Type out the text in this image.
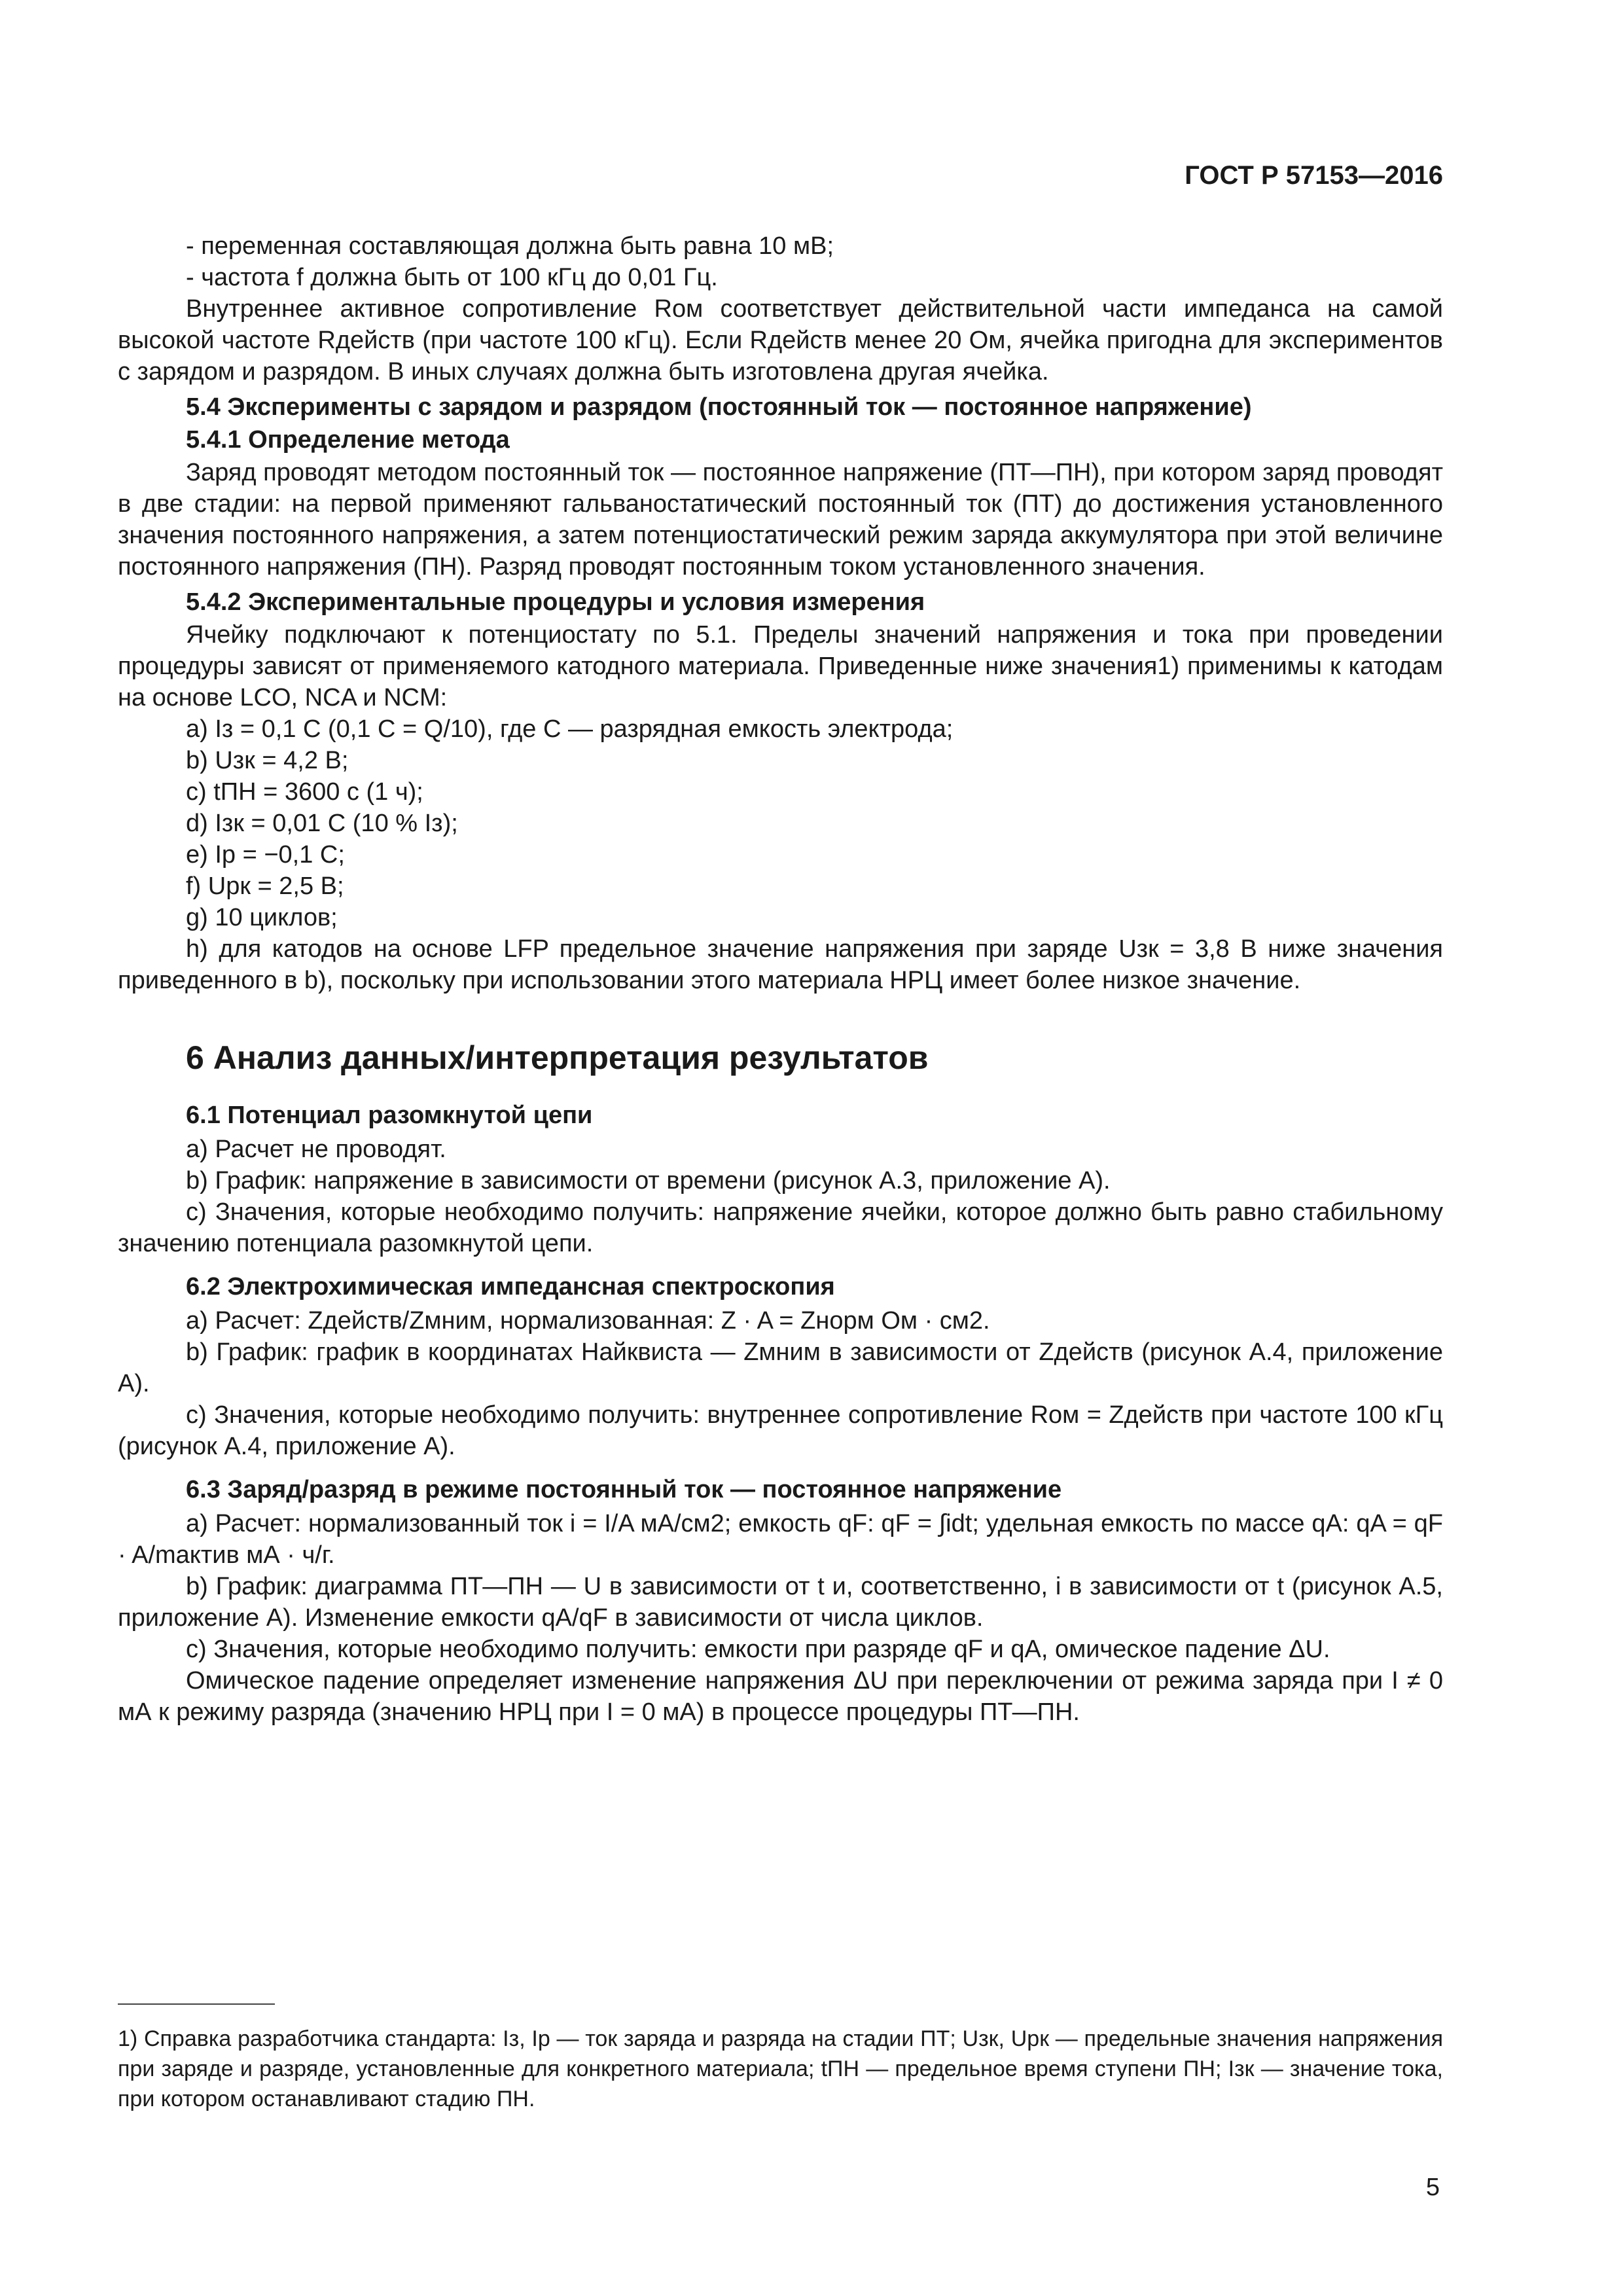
ГОСТ Р 57153—2016

- переменная составляющая должна быть равна 10 мВ;

- частота f должна быть от 100 кГц до 0,01 Гц.

Внутреннее активное сопротивление Rом соответствует действительной части импеданса на самой высокой частоте Rдейств (при частоте 100 кГц). Если Rдейств менее 20 Ом, ячейка пригодна для экспериментов с зарядом и разрядом. В иных случаях должна быть изготовлена другая ячейка.

5.4 Эксперименты с зарядом и разрядом (постоянный ток — постоянное напряжение)

5.4.1 Определение метода

Заряд проводят методом постоянный ток — постоянное напряжение (ПТ—ПН), при котором заряд проводят в две стадии: на первой применяют гальваностатический постоянный ток (ПТ) до достижения установленного значения постоянного напряжения, а затем потенциостатический режим заряда аккумулятора при этой величине постоянного напряжения (ПН). Разряд проводят постоянным током установленного значения.

5.4.2 Экспериментальные процедуры и условия измерения

Ячейку подключают к потенциостату по 5.1. Пределы значений напряжения и тока при проведении процедуры зависят от применяемого катодного материала. Приведенные ниже значения1) применимы к катодам на основе LCO, NCA и NCM:

а) Iз = 0,1 C (0,1 C = Q/10), где C — разрядная емкость электрода;

b) Uзк = 4,2 В;

с) tПН = 3600 с (1 ч);

d) Iзк = 0,01 C (10 % Iз);

е) Iр = −0,1 C;

f) Uрк = 2,5 В;

g) 10 циклов;

h) для катодов на основе LFP предельное значение напряжения при заряде Uзк = 3,8 В ниже значения приведенного в b), поскольку при использовании этого материала НРЦ имеет более низкое значение.

6 Анализ данных/интерпретация результатов

6.1 Потенциал разомкнутой цепи

а) Расчет не проводят.

b) График: напряжение в зависимости от времени (рисунок А.3, приложение А).

с) Значения, которые необходимо получить: напряжение ячейки, которое должно быть равно стабильному значению потенциала разомкнутой цепи.

6.2 Электрохимическая импедансная спектроскопия

а) Расчет: Zдейств/Zмним, нормализованная: Z · A = Zнорм Ом · см2.

b) График: график в координатах Найквиста — Zмним в зависимости от Zдейств (рисунок А.4, приложение А).

с) Значения, которые необходимо получить: внутреннее сопротивление Rом = Zдейств при частоте 100 кГц (рисунок А.4, приложение А).

6.3 Заряд/разряд в режиме постоянный ток — постоянное напряжение

а) Расчет: нормализованный ток i = I/A мА/см2; емкость qF: qF = ∫idt; удельная емкость по массе qA: qA = qF · A/mактив мА · ч/г.

b) График: диаграмма ПТ—ПН — U в зависимости от t и, соответственно, i в зависимости от t (рисунок А.5, приложение А). Изменение емкости qA/qF в зависимости от числа циклов.

с) Значения, которые необходимо получить: емкости при разряде qF и qA, омическое падение ΔU.

Омическое падение определяет изменение напряжения ΔU при переключении от режима заряда при I ≠ 0 мА к режиму разряда (значению НРЦ при I = 0 мА) в процессе процедуры ПТ—ПН.

1) Справка разработчика стандарта: Iз, Iр — ток заряда и разряда на стадии ПТ; Uзк, Uрк — предельные значения напряжения при заряде и разряде, установленные для конкретного материала; tПН — предельное время ступени ПН; Iзк — значение тока, при котором останавливают стадию ПН.

5
